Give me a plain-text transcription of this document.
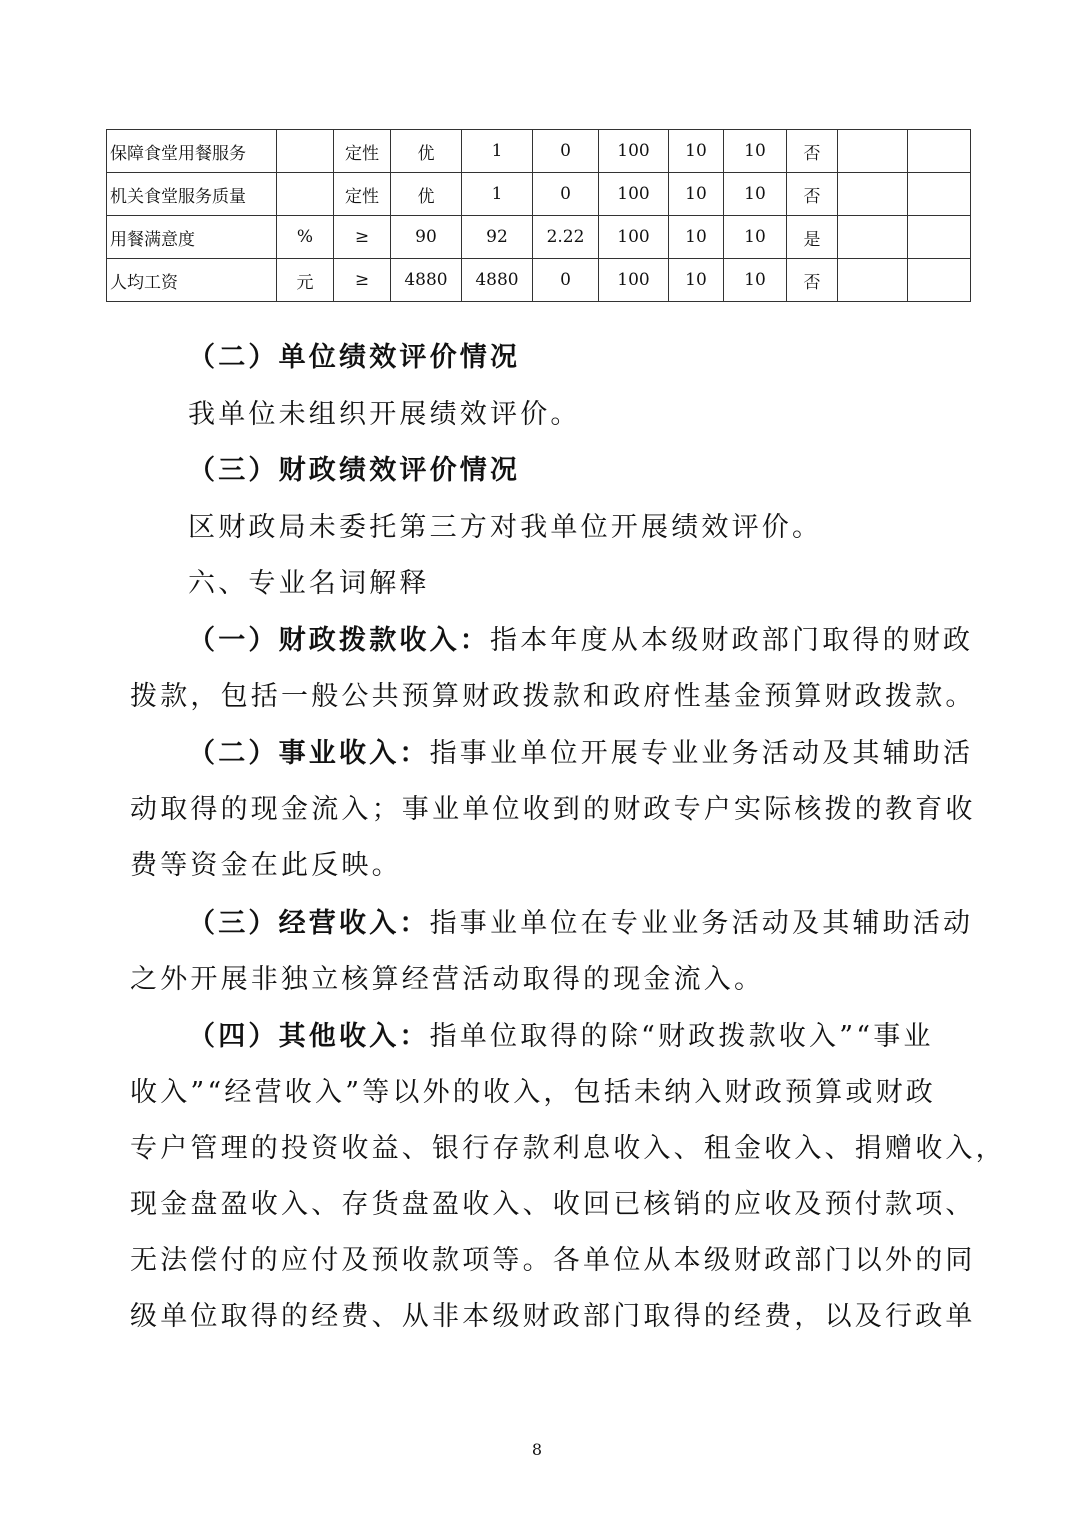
保障食堂用餐服务		定性	优	1	0	100	10	10	否		
机关食堂服务质量		定性	优	1	0	100	10	10	否		
用餐满意度	%	≥	90	92	2.22	100	10	10	是		
人均工资	元	≥	4880	4880	0	100	10	10	否		
（二）单位绩效评价情况
我单位未组织开展绩效评价。
（三）财政绩效评价情况
区财政局未委托第三方对我单位开展绩效评价。
六、专业名词解释
（一）财政拨款收入：指本年度从本级财政部门取得的财政
拨款，包括一般公共预算财政拨款和政府性基金预算财政拨款。
（二）事业收入：指事业单位开展专业业务活动及其辅助活
动取得的现金流入；事业单位收到的财政专户实际核拨的教育收
费等资金在此反映。
（三）经营收入：指事业单位在专业业务活动及其辅助活动
之外开展非独立核算经营活动取得的现金流入。
（四）其他收入：指单位取得的除“财政拨款收入”“事业
收入”“经营收入”等以外的收入，包括未纳入财政预算或财政
专户管理的投资收益、银行存款利息收入、租金收入、捐赠收入，
现金盘盈收入、存货盘盈收入、收回已核销的应收及预付款项、
无法偿付的应付及预收款项等。各单位从本级财政部门以外的同
级单位取得的经费、从非本级财政部门取得的经费，以及行政单
8
